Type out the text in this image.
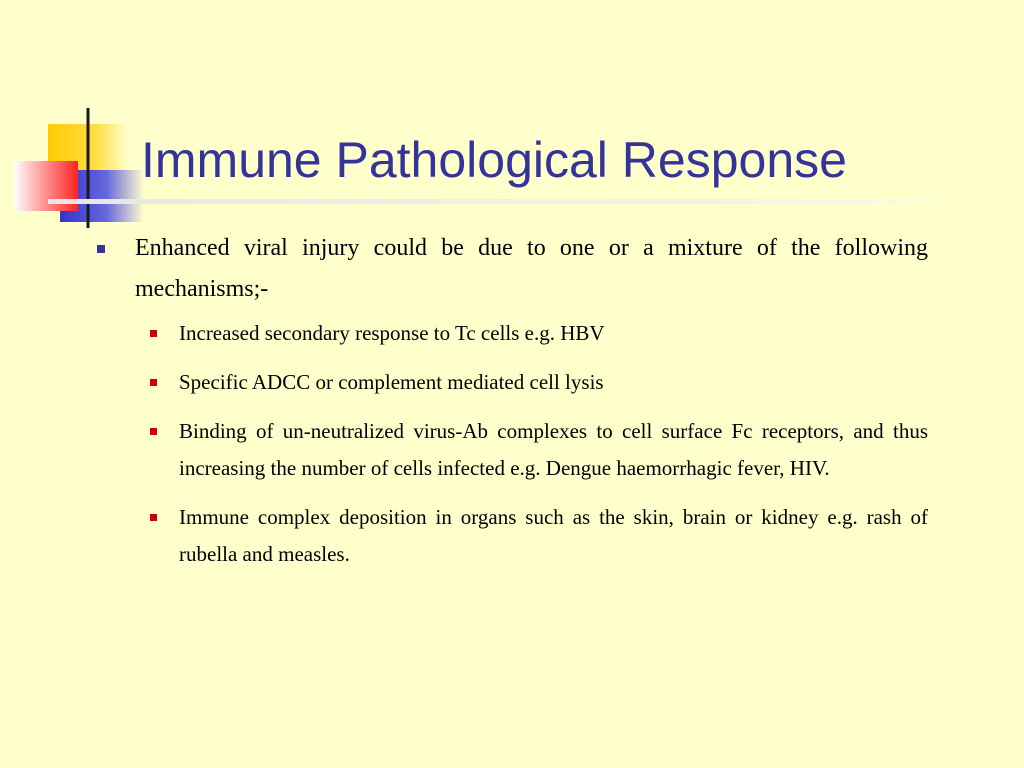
Immune Pathological Response
Enhanced viral injury could be due to one or a mixture of the following mechanisms;-
Increased secondary response to Tc cells e.g. HBV
Specific ADCC or complement mediated cell lysis
Binding of un-neutralized virus-Ab complexes to cell surface Fc receptors, and thus increasing the number of cells infected e.g. Dengue haemorrhagic fever, HIV.
Immune complex deposition in organs such as the skin, brain or kidney e.g. rash of rubella and measles.
